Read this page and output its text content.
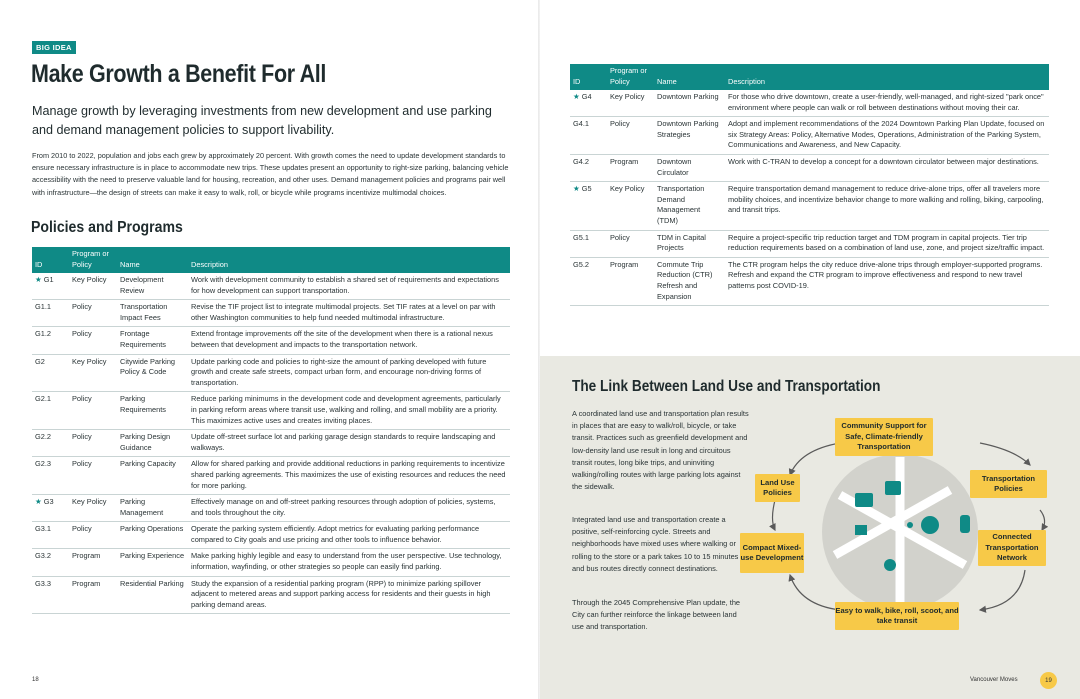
BIG IDEA
Make Growth a Benefit For All
Manage growth by leveraging investments from new development and use parking and demand management policies to support livability.
From 2010 to 2022, population and jobs each grew by approximately 20 percent. With growth comes the need to update development standards to ensure necessary infrastructure is in place to accommodate new trips. These updates present an opportunity to right-size parking, balancing vehicle accessibility with the need to preserve valuable land for housing, recreation, and other uses. Demand management policies and programs pair well with infrastructure—the design of streets can make it easy to walk, roll, or bicycle while programs incentivize multimodal choices.
Policies and Programs
ID	Program or Policy	Name	Description
★ G1	Key Policy	Development Review	Work with development community to establish a shared set of requirements and expectations for how development can support transportation.
G1.1	Policy	Transportation Impact Fees	Revise the TIF project list to integrate multimodal projects. Set TIF rates at a level on par with other Washington communities to help fund needed multimodal infrastructure.
G1.2	Policy	Frontage Requirements	Extend frontage improvements off the site of the development when there is a rational nexus between that development and impacts to the transportation network.
G2	Key Policy	Citywide Parking Policy & Code	Update parking code and policies to right-size the amount of parking developed with future growth and create safe streets, compact urban form, and encourage non-driving forms of transportation.
G2.1	Policy	Parking Requirements	Reduce parking minimums in the development code and development agreements, particularly in parking reform areas where transit use, walking and rolling, and small mobility are a priority. This maximizes active uses and creates inviting places.
G2.2	Policy	Parking Design Guidance	Update off-street surface lot and parking garage design standards to require landscaping and walkways.
G2.3	Policy	Parking Capacity	Allow for shared parking and provide additional reductions in parking requirements to incentivize shared parking agreements. This maximizes the use of existing resources and reduces the need for more parking.
★ G3	Key Policy	Parking Management	Effectively manage on and off-street parking resources through adoption of policies, systems, and tools throughout the city.
G3.1	Policy	Parking Operations	Operate the parking system efficiently. Adopt metrics for evaluating parking performance compared to City goals and use pricing and other tools to influence behavior.
G3.2	Program	Parking Experience	Make parking highly legible and easy to understand from the user perspective. Use technology, information, wayfinding, or other strategies so people can easily find parking.
G3.3	Program	Residential Parking	Study the expansion of a residential parking program (RPP) to minimize parking spillover adjacent to metered areas and support parking access for residents and their guests in high parking demand areas.
18
ID	Program or Policy	Name	Description
★ G4	Key Policy	Downtown Parking	For those who drive downtown, create a user-friendly, well-managed, and right-sized "park once" environment where people can walk or roll between destinations without moving their car.
G4.1	Policy	Downtown Parking Strategies	Adopt and implement recommendations of the 2024 Downtown Parking Plan Update, focused on six Strategy Areas: Policy, Alternative Modes, Operations, Administration of the Parking System, Communications and Awareness, and New Capacity.
G4.2	Program	Downtown Circulator	Work with C-TRAN to develop a concept for a downtown circulator between major destinations.
★ G5	Key Policy	Transportation Demand Management (TDM)	Require transportation demand management to reduce drive-alone trips, offer all travelers more mobility choices, and incentivize behavior change to more walking and rolling, biking, carpooling, and transit trips.
G5.1	Policy	TDM in Capital Projects	Require a project-specific trip reduction target and TDM program in capital projects. Tier trip reduction requirements based on a combination of land use, zone, and project size/traffic impact.
G5.2	Program	Commute Trip Reduction (CTR) Refresh and Expansion	The CTR program helps the city reduce drive-alone trips through employer-supported programs. Refresh and expand the CTR program to improve effectiveness and respond to new travel patterns post COVID-19.
The Link Between Land Use and Transportation
A coordinated land use and transportation plan results in places that are easy to walk/roll, bicycle, or take transit. Practices such as greenfield development and low-density land use result in long and circuitous transit routes, long bike trips, and uninviting walking/rolling routes with large parking lots against the sidewalk.
Integrated land use and transportation create a positive, self-reinforcing cycle. Streets and neighborhoods have mixed uses where walking or rolling to the store or a park takes 10 to 15 minutes and bus routes directly connect destinations.
Through the 2045 Comprehensive Plan update, the City can further reinforce the linkage between land use and transportation.
Community Support for Safe, Climate-friendly Transportation
Land Use Policies
Transportation Policies
Compact Mixed-use Development
Connected Transportation Network
Easy to walk, bike, roll, scoot, and take transit
Vancouver Moves	19
